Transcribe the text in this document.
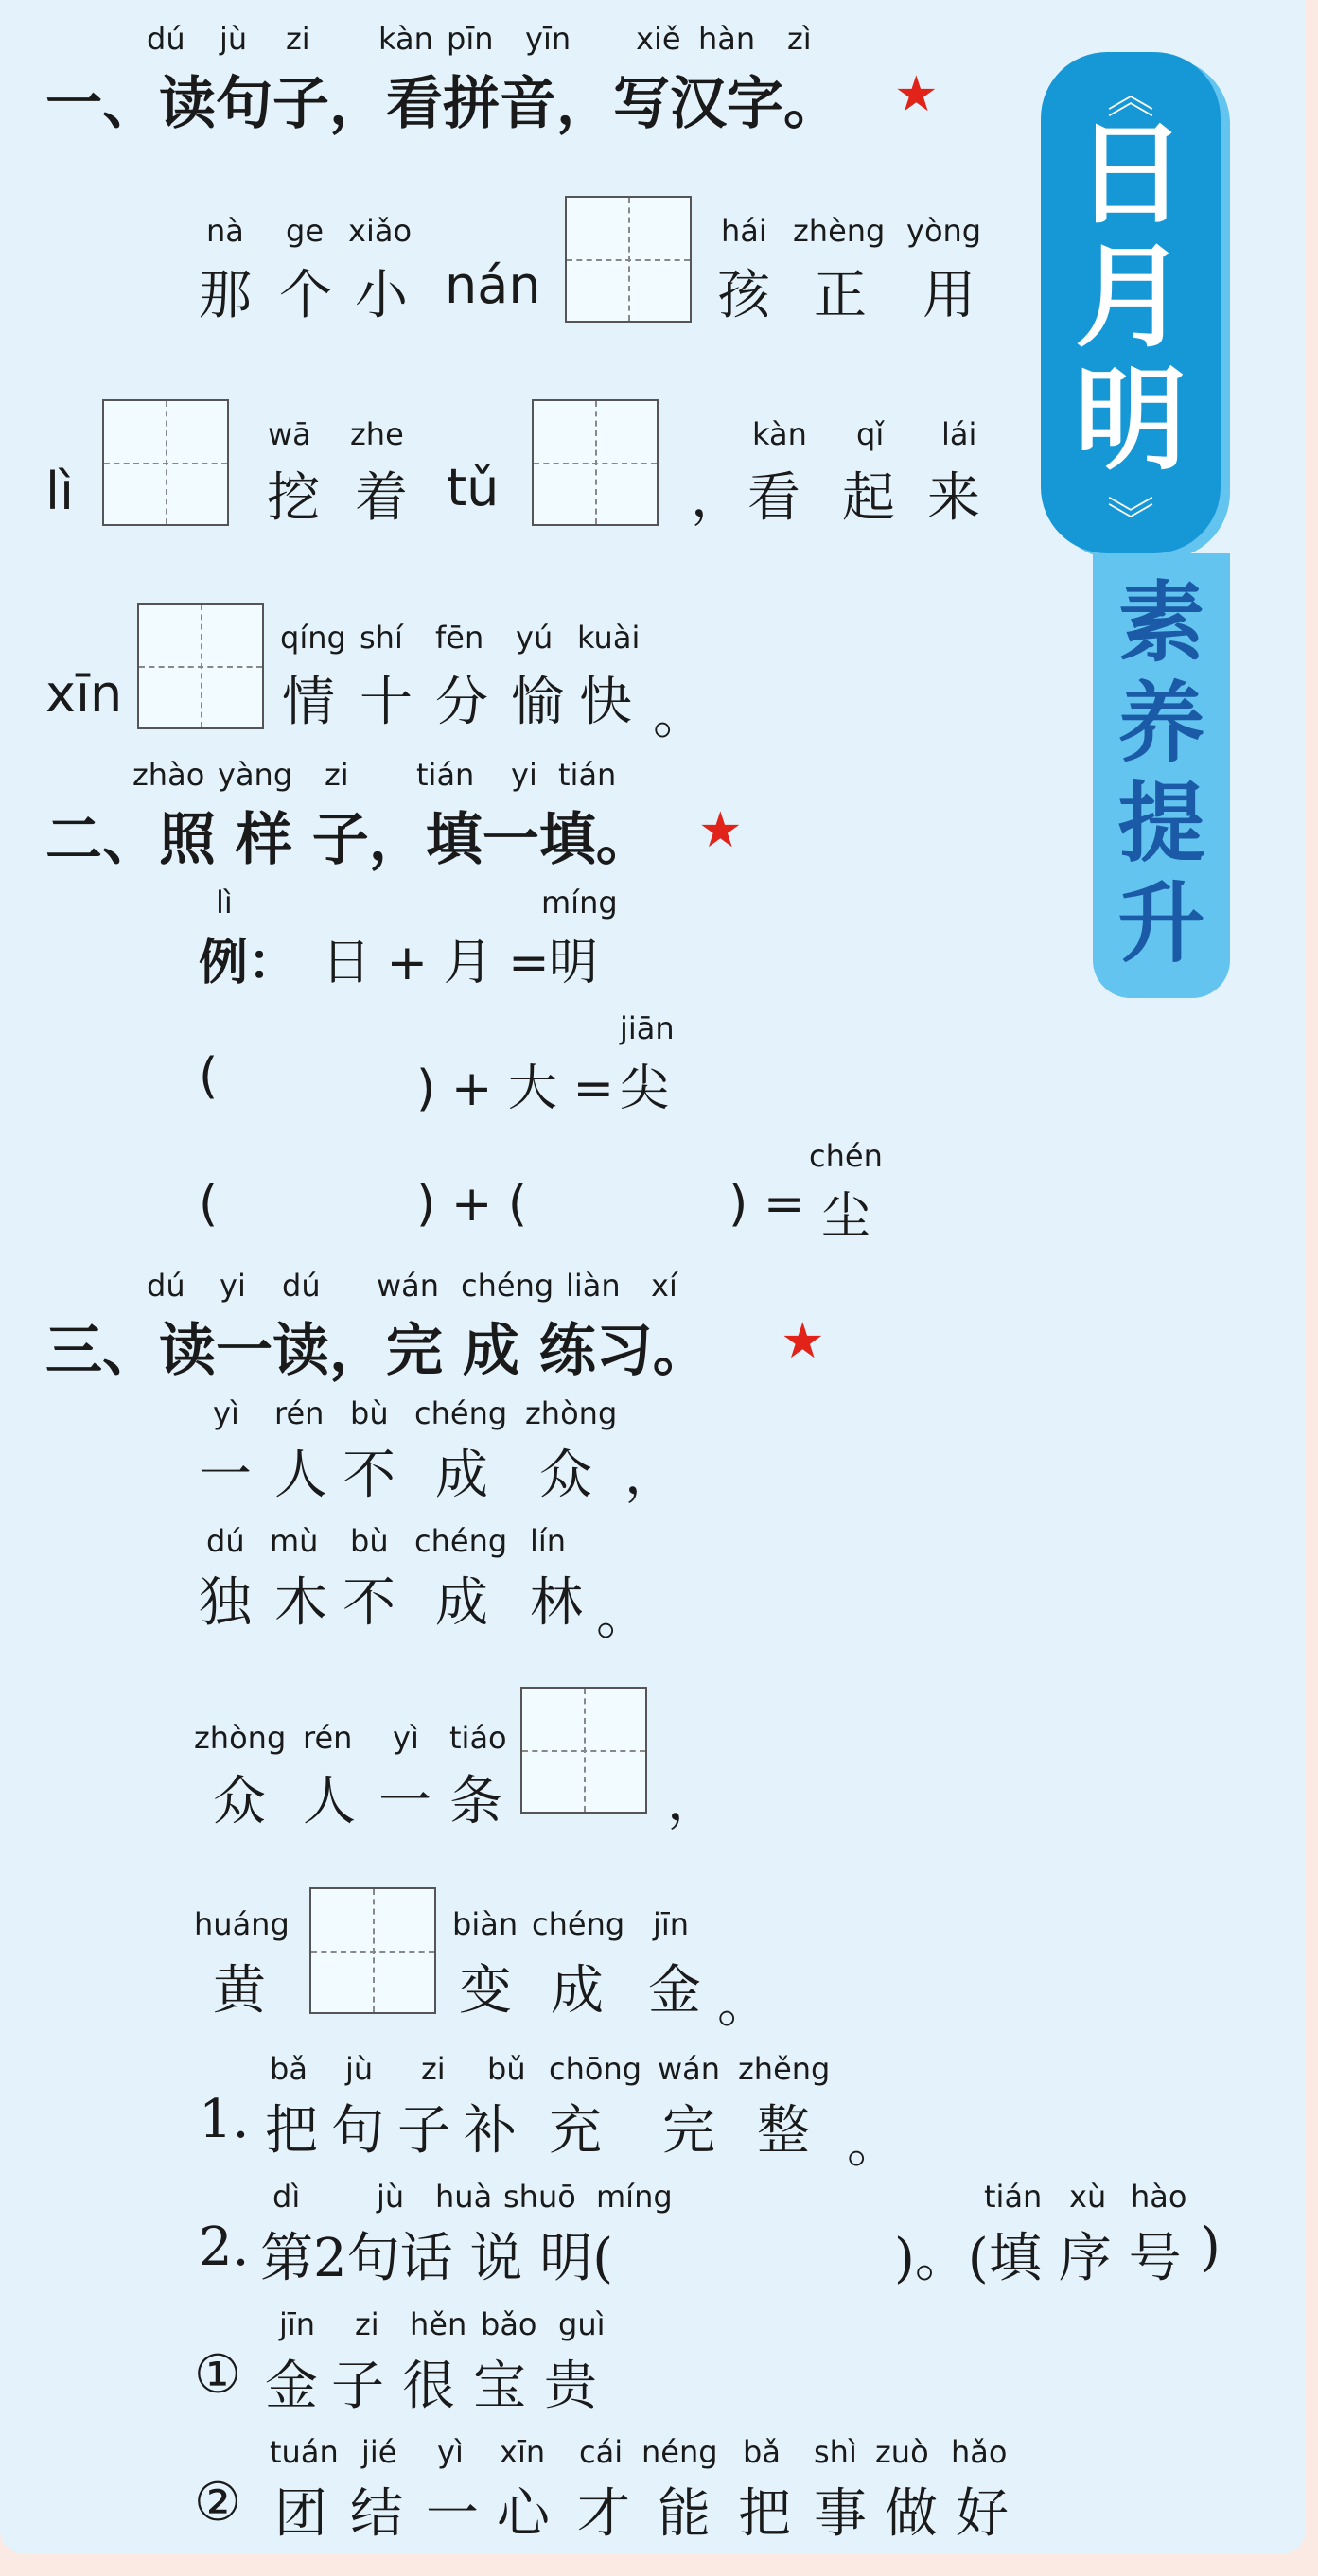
素
养
提
升
︽
日
月
明
︾
dú jù zi kàn pīn yīn xiě hàn zì
一、读句子，看拼音，写汉字。 ★
nà ge xiǎo
那 个 小 nán
hái zhèng yòng
孩 正 用
lì
wā zhe
挖 着 tǔ	，
kàn qǐ lái
看 起 来
xīn
qíng shí fēn yú kuài
情 十 分 愉 快 。
zhào yàng zi tián yi tián
二、照 样 子，填一填。 ★
lì
例： 日 + 月 =
míng
明
(	) + 大 =
jiān
尖
(	) + (	) =
chén
尘
dú yi dú wán chéng liàn xí
三、读一读，完 成 练习。 ★
yì rén bù chéng zhòng
一 人 不 成 众 ，
dú mù bù chéng lín
独 木 不 成 林 。
zhòng rén yì tiáo
众 人 一 条	，
huáng
黄
biàn chéng jīn
变 成 金 。
bǎ jù zi bǔ chōng wán zhěng
1. 把 句 子 补 充 完 整 。
dì	jù huà shuō míng
2. 第2句话 说 明(	)。(
tián xù hào
填 序 号 )
jīn zi hěn bǎo guì
① 金 子 很 宝 贵
tuán jié yì xīn cái néng bǎ shì zuò hǎo
② 团 结 一 心 才 能 把 事 做 好
